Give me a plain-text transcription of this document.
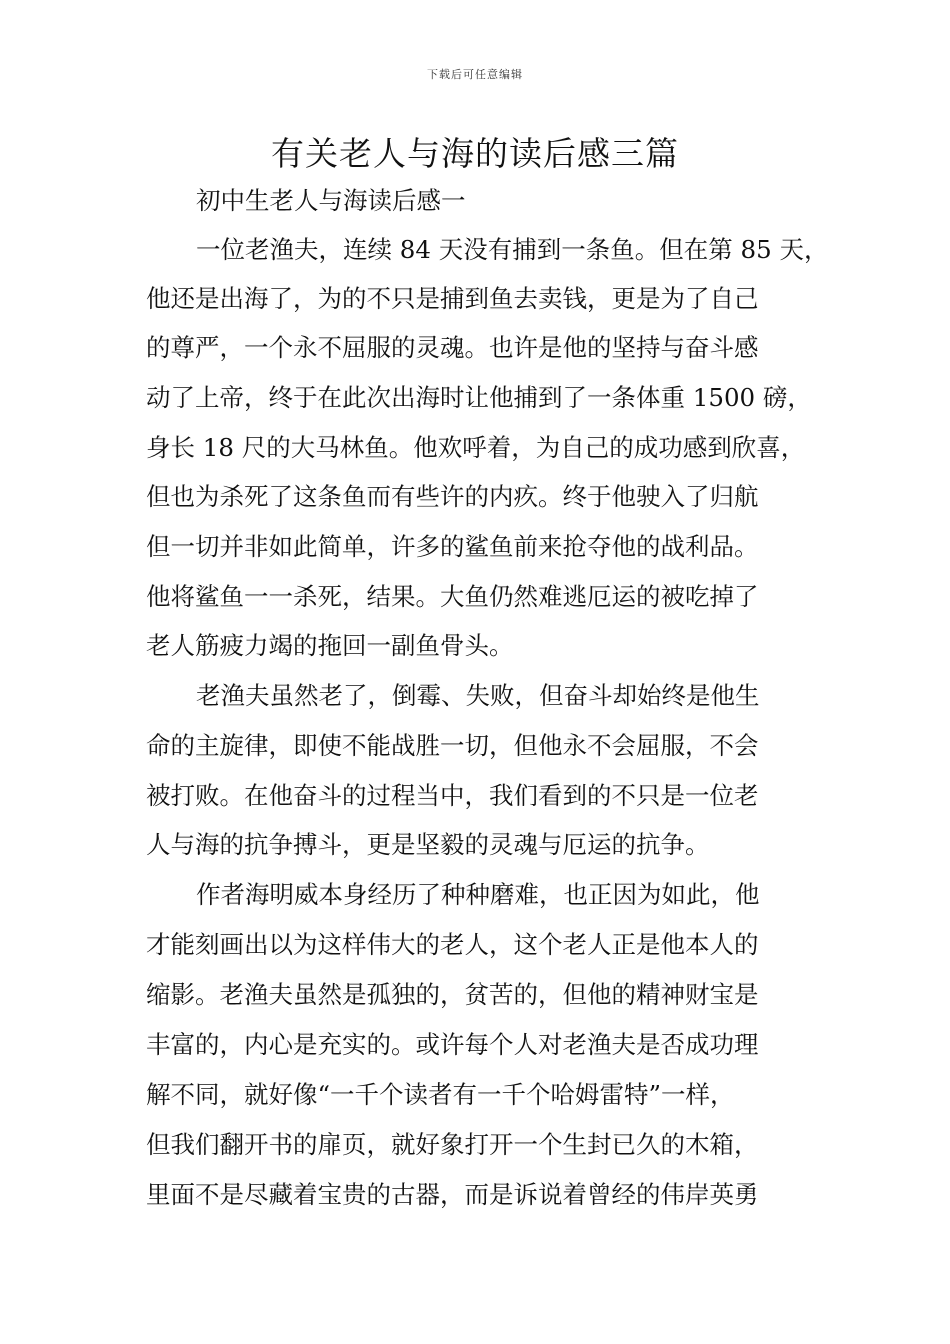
下载后可任意编辑
有关老人与海的读后感三篇
初中生老人与海读后感一
一位老渔夫，连续 84 天没有捕到一条鱼。但在第 85 天，
他还是出海了，为的不只是捕到鱼去卖钱，更是为了自己
的尊严，一个永不屈服的灵魂。也许是他的坚持与奋斗感
动了上帝，终于在此次出海时让他捕到了一条体重 1500 磅，
身长 18 尺的大马林鱼。他欢呼着，为自己的成功感到欣喜，
但也为杀死了这条鱼而有些许的内疚。终于他驶入了归航
但一切并非如此简单，许多的鲨鱼前来抢夺他的战利品。
他将鲨鱼一一杀死，结果。大鱼仍然难逃厄运的被吃掉了
老人筋疲力竭的拖回一副鱼骨头。
老渔夫虽然老了，倒霉、失败，但奋斗却始终是他生
命的主旋律，即使不能战胜一切，但他永不会屈服，不会
被打败。在他奋斗的过程当中，我们看到的不只是一位老
人与海的抗争搏斗，更是坚毅的灵魂与厄运的抗争。
作者海明威本身经历了种种磨难，也正因为如此，他
才能刻画出以为这样伟大的老人，这个老人正是他本人的
缩影。老渔夫虽然是孤独的，贫苦的，但他的精神财宝是
丰富的，内心是充实的。或许每个人对老渔夫是否成功理
解不同，就好像“一千个读者有一千个哈姆雷特”一样，
但我们翻开书的扉页，就好象打开一个生封已久的木箱，
里面不是尽藏着宝贵的古器，而是诉说着曾经的伟岸英勇
